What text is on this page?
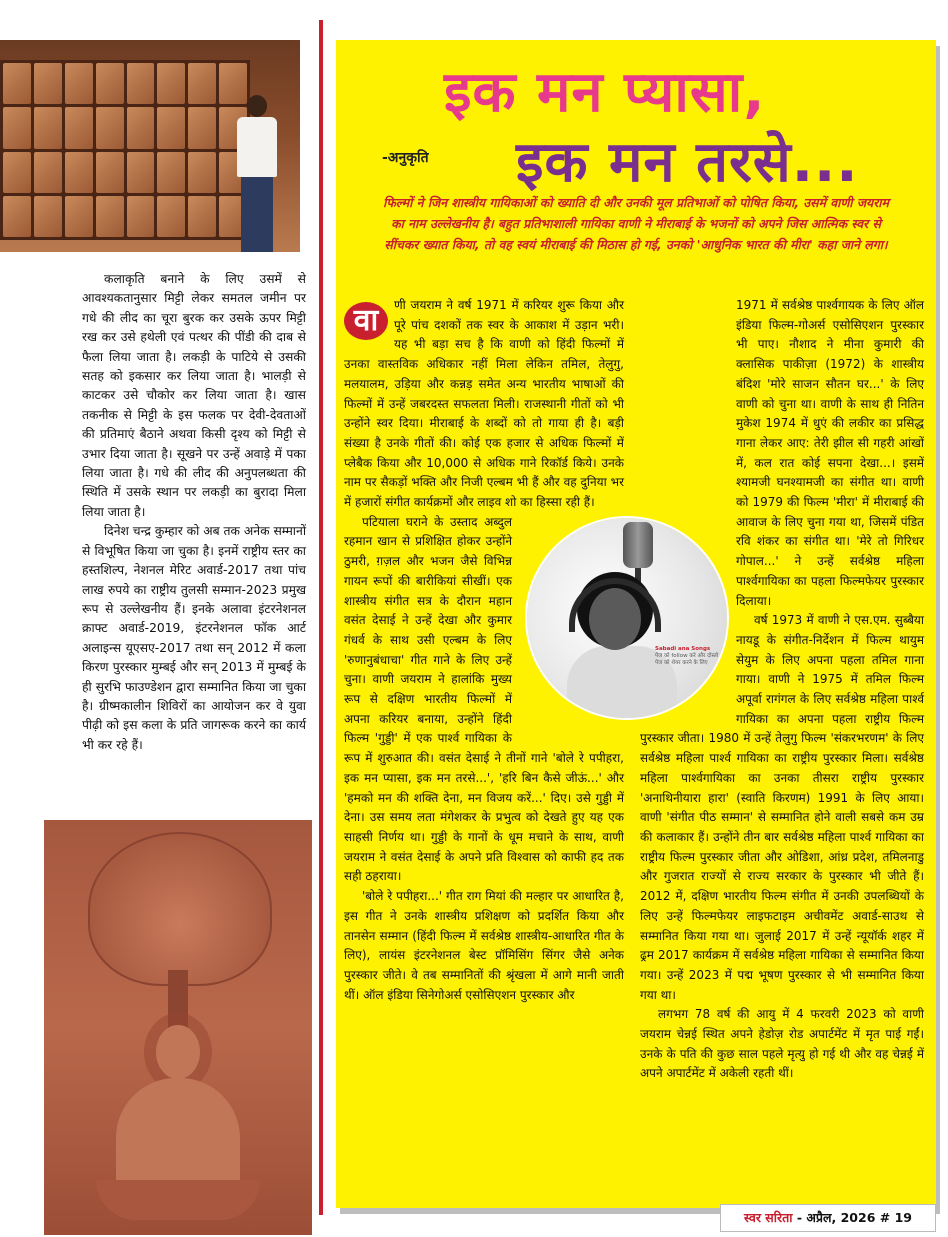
कलाकृति बनाने के लिए उसमें से आवश्यकतानुसार मिट्टी लेकर समतल जमीन पर गधे की लीद का चूरा बुरक कर उसके ऊपर मिट्टी रख कर उसे हथेली एवं पत्थर की पींडी की दाब से फैला लिया जाता है। लकड़ी के पाटिये से उसकी सतह को इकसार कर लिया जाता है। भालड़ी से काटकर उसे चौकोर कर लिया जाता है। खास तकनीक से मिट्टी के इस फलक पर देवी-देवताओं की प्रतिमाएं बैठाने अथवा किसी दृश्य को मिट्टी से उभार दिया जाता है। सूखने पर उन्हें अवाड़े में पका लिया जाता है। गधे की लीद की अनुपलब्धता की स्थिति में उसके स्थान पर लकड़ी का बुरादा मिला लिया जाता है।

दिनेश चन्द्र कुम्हार को अब तक अनेक सम्मानों से विभूषित किया जा चुका है। इनमें राष्ट्रीय स्तर का हस्तशिल्प, नेशनल मेरिट अवार्ड-2017 तथा पांच लाख रुपये का राष्ट्रीय तुलसी सम्मान-2023 प्रमुख रूप से उल्लेखनीय हैं। इनके अलावा इंटरनेशनल क्राफ्ट अवार्ड-2019, इंटरनेशनल फॉक आर्ट अलाइन्स यूएसए-2017 तथा सन् 2012 में कला किरण पुरस्कार मुम्बई और सन् 2013 में मुम्बई के ही सुरभि फाउण्डेशन द्वारा सम्मानित किया जा चुका है। ग्रीष्मकालीन शिविरों का आयोजन कर वे युवा पीढ़ी को इस कला के प्रति जागरूक करने का कार्य भी कर रहे हैं।

इक मन प्यासा,
-अनुकृति इक मन तरसे...
फिल्मों ने जिन शास्त्रीय गायिकाओं को ख्याति दी और उनकी मूल प्रतिभाओं को पोषित किया, उसमें वाणी जयराम का नाम उल्लेखनीय है। बहुत प्रतिभाशाली गायिका वाणी ने मीराबाई के भजनों को अपने जिस आत्मिक स्वर से सींचकर ख्यात किया, तो वह स्वयं मीराबाई की मिठास हो गई, उनको 'आधुनिक भारत की मीरा' कहा जाने लगा।

वा	णी जयराम ने वर्ष 1971 में करियर शुरू किया और पूरे पांच दशकों तक स्वर के आकाश में उड़ान भरी। यह भी बड़ा सच है कि वाणी को हिंदी फिल्मों में उनका वास्तविक अधिकार नहीं मिला लेकिन तमिल, तेलुगु, मलयालम, उड़िया और कन्नड़ समेत अन्य भारतीय भाषाओं की फिल्मों में उन्हें जबरदस्त सफलता मिली। राजस्थानी गीतों को भी उन्होंने स्वर दिया। मीराबाई के शब्दों को तो गाया ही है। बड़ी संख्या है उनके गीतों की। कोई एक हजार से अधिक फिल्मों में प्लेबैक किया और 10,000 से अधिक गाने रिकॉर्ड किये। उनके नाम पर सैकड़ों भक्ति और निजी एल्बम भी हैं और वह दुनिया भर में हजारों संगीत कार्यक्रमों और लाइव शो का हिस्सा रही हैं।

पटियाला घराने के उस्ताद अब्दुल रहमान खान से प्रशिक्षित होकर उन्होंने ठुमरी, ग़ज़ल और भजन जैसे विभिन्न गायन रूपों की बारीकियां सीखीं। एक शास्त्रीय संगीत सत्र के दौरान महान वसंत देसाई ने उन्हें देखा और कुमार गंधर्व के साथ उसी एल्बम के लिए 'रुणानुबंधाचा' गीत गाने के लिए उन्हें चुना। वाणी जयराम ने हालांकि मुख्य रूप से दक्षिण भारतीय फिल्मों में अपना करियर बनाया, उन्होंने हिंदी फिल्म 'गुड्डी' में एक पार्श्व गायिका के रूप में शुरुआत की। वसंत देसाई ने तीनों गाने 'बोले रे पपीहरा, इक मन प्यासा, इक मन तरसे...', 'हरि बिन कैसे जीऊं...' और 'हमको मन की शक्ति देना, मन विजय करें...' दिए। उसे गुड्डी में देना। उस समय लता मंगेशकर के प्रभुत्व को देखते हुए यह एक साहसी निर्णय था। गुड्डी के गानों के धूम मचाने के साथ, वाणी जयराम ने वसंत देसाई के अपने प्रति विश्वास को काफी हद तक सही ठहराया।

'बोले रे पपीहरा...' गीत राग मियां की मल्हार पर आधारित है, इस गीत ने उनके शास्त्रीय प्रशिक्षण को प्रदर्शित किया और तानसेन सम्मान (हिंदी फिल्म में सर्वश्रेष्ठ शास्त्रीय-आधारित गीत के लिए), लायंस इंटरनेशनल बेस्ट प्रॉमिसिंग सिंगर जैसे अनेक पुरस्कार जीते। वे तब सम्मानितों की श्रृंखला में आगे मानी जाती थीं। ऑल इंडिया सिनेगोअर्स एसोसिएशन पुरस्कार और

1971 में सर्वश्रेष्ठ पार्श्वगायक के लिए ऑल इंडिया फिल्म-गोअर्स एसोसिएशन पुरस्कार भी पाए। नौशाद ने मीना कुमारी की क्लासिक पाकीज़ा (1972) के शास्त्रीय बंदिश 'मोरे साजन सौतन घर...' के लिए वाणी को चुना था। वाणी के साथ ही नितिन मुकेश 1974 में धुएं की लकीर का प्रसिद्ध गाना लेकर आए: तेरी झील सी गहरी आंखों में, कल रात कोई सपना देखा...। इसमें श्यामजी घनश्यामजी का संगीत था। वाणी को 1979 की फिल्म 'मीरा' में मीराबाई की आवाज के लिए चुना गया था, जिसमें पंडित रवि शंकर का संगीत था। 'मेरे तो गिरिधर गोपाल...' ने उन्हें सर्वश्रेष्ठ महिला पार्श्वगायिका का पहला फिल्मफेयर पुरस्कार दिलाया।

वर्ष 1973 में वाणी ने एस.एम. सुब्बैया नायडू के संगीत-निर्देशन में फिल्म थायुम सेयुम के लिए अपना पहला तमिल गाना गाया। वाणी ने 1975 में तमिल फिल्म अपूर्वा रागंगल के लिए सर्वश्रेष्ठ महिला पार्श्व गायिका का अपना पहला राष्ट्रीय फिल्म पुरस्कार जीता। 1980 में उन्हें तेलुगु फिल्म 'संकरभरणम' के लिए सर्वश्रेष्ठ महिला पार्श्व गायिका का राष्ट्रीय पुरस्कार मिला। सर्वश्रेष्ठ महिला पार्श्वगायिका का उनका तीसरा राष्ट्रीय पुरस्कार 'अनाथिनीयारा हारा' (स्वाति किरणम) 1991 के लिए आया। वाणी 'संगीत पीठ सम्मान' से सम्मानित होने वाली सबसे कम उम्र की कलाकार हैं। उन्होंने तीन बार सर्वश्रेष्ठ महिला पार्श्व गायिका का राष्ट्रीय फिल्म पुरस्कार जीता और ओडिशा, आंध्र प्रदेश, तमिलनाडु और गुजरात राज्यों से राज्य सरकार के पुरस्कार भी जीते हैं। 2012 में, दक्षिण भारतीय फिल्म संगीत में उनकी उपलब्धियों के लिए उन्हें फिल्मफेयर लाइफटाइम अचीवमेंट अवार्ड-साउथ से सम्मानित किया गया था। जुलाई 2017 में उन्हें न्यूयॉर्क शहर में ढ्रम 2017 कार्यक्रम में सर्वश्रेष्ठ महिला गायिका से सम्मानित किया गया। उन्हें 2023 में पद्म भूषण पुरस्कार से भी सम्मानित किया गया था।

लगभग 78 वर्ष की आयु में 4 फरवरी 2023 को वाणी जयराम चेन्नई स्थित अपने हेडोज़ रोड अपार्टमेंट में मृत पाई गईं। उनके के पति की कुछ साल पहले मृत्यु हो गई थी और वह चेन्नई में अपने अपार्टमेंट में अकेली रहती थीं।

Sabadi ana Songs
पेज को follow करे और दोस्तो
पेज को शेयर करने के लिए
स्वर सरिता - अप्रैल, 2026 # 19
